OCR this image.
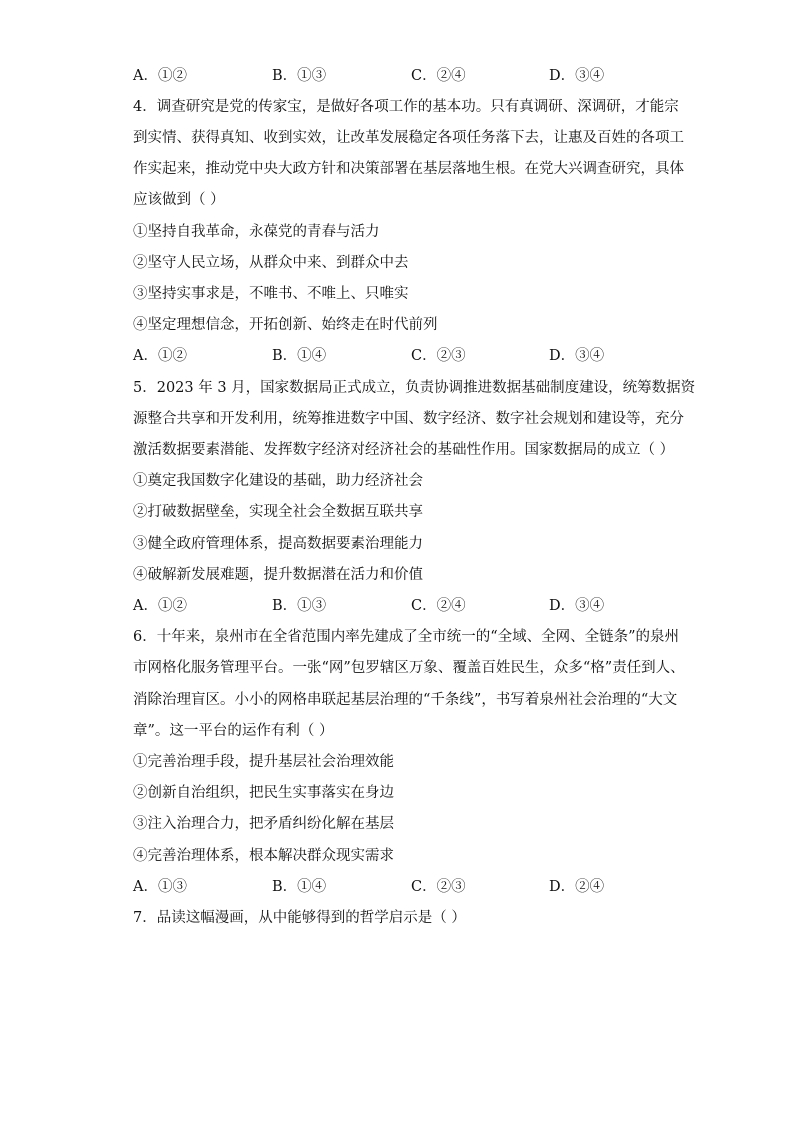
A．①②	B．①③	C．②④	D．③④
4．调查研究是党的传家宝，是做好各项工作的基本功。只有真调研、深调研，才能宗
到实情、获得真知、收到实效，让改革发展稳定各项任务落下去，让惠及百姓的各项工
作实起来，推动党中央大政方针和决策部署在基层落地生根。在党大兴调查研究，具体
应该做到（ ）
①坚持自我革命，永葆党的青春与活力
②坚守人民立场，从群众中来、到群众中去
③坚持实事求是，不唯书、不唯上、只唯实
④坚定理想信念，开拓创新、始终走在时代前列
A．①②	B．①④	C．②③	D．③④
5．2023 年 3 月，国家数据局正式成立，负责协调推进数据基础制度建设，统筹数据资
源整合共享和开发利用，统筹推进数字中国、数字经济、数字社会规划和建设等，充分
激活数据要素潜能、发挥数字经济对经济社会的基础性作用。国家数据局的成立（ ）
①奠定我国数字化建设的基础，助力经济社会
②打破数据壁垒，实现全社会全数据互联共享
③健全政府管理体系，提高数据要素治理能力
④破解新发展难题，提升数据潜在活力和价值
A．①②	B．①③	C．②④	D．③④
6．十年来，泉州市在全省范围内率先建成了全市统一的“全域、全网、全链条”的泉州
市网格化服务管理平台。一张“网”包罗辖区万象、覆盖百姓民生，众多“格”责任到人、
消除治理盲区。小小的网格串联起基层治理的“千条线”，书写着泉州社会治理的“大文
章”。这一平台的运作有利（ ）
①完善治理手段，提升基层社会治理效能
②创新自治组织，把民生实事落实在身边
③注入治理合力，把矛盾纠纷化解在基层
④完善治理体系，根本解决群众现实需求
A．①③	B．①④	C．②③	D．②④
7．品读这幅漫画，从中能够得到的哲学启示是（ ）
